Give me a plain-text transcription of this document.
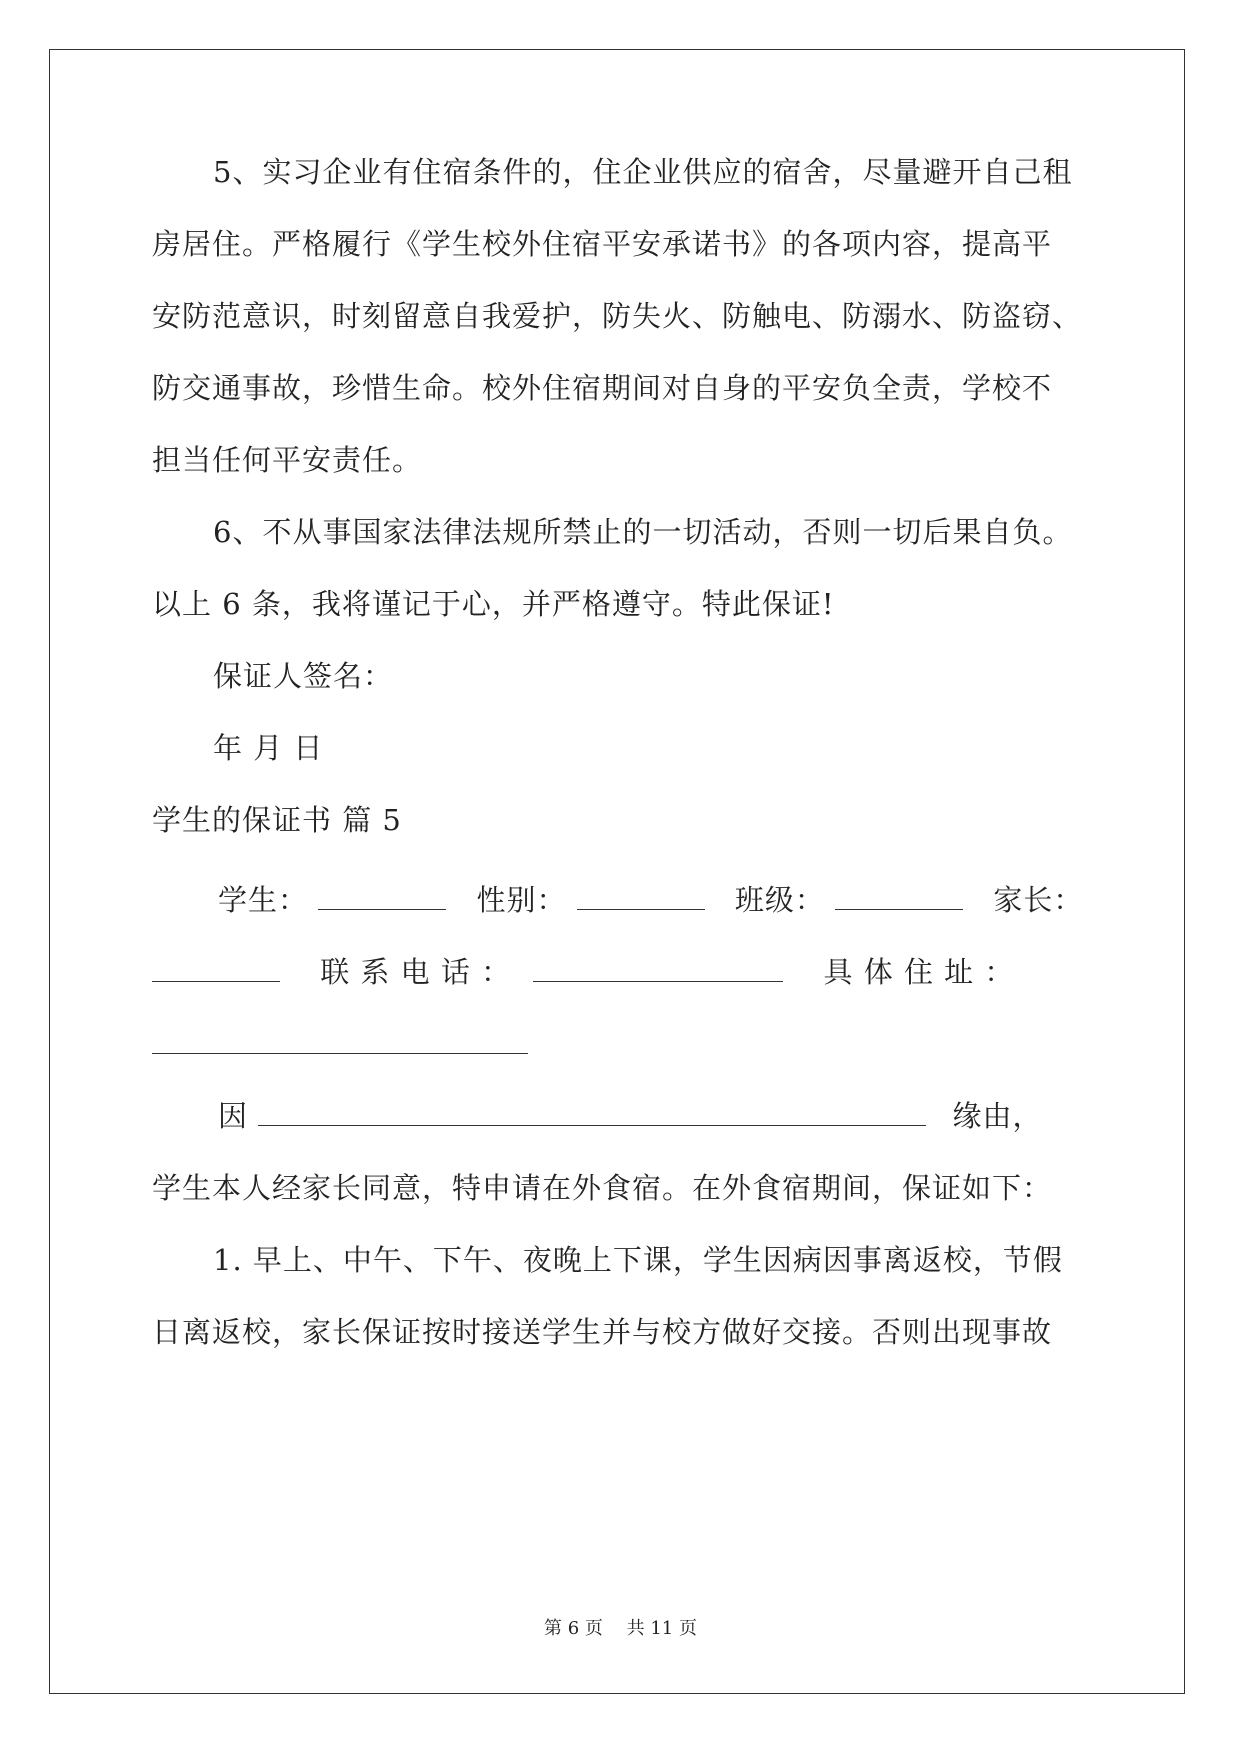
5、实习企业有住宿条件的，住企业供应的宿舍，尽量避开自己租
房居住。严格履行《学生校外住宿平安承诺书》的各项内容，提高平
安防范意识，时刻留意自我爱护，防失火、防触电、防溺水、防盗窃、
防交通事故，珍惜生命。校外住宿期间对自身的平安负全责，学校不
担当任何平安责任。
6、不从事国家法律法规所禁止的一切活动，否则一切后果自负。
以上 6 条，我将谨记于心，并严格遵守。特此保证!
保证人签名：
年 月 日
学生的保证书 篇 5
学生：	性别：	班级：	家长：
联 系 电 话 ：	具 体 住 址 ：
因	缘由，
学生本人经家长同意，特申请在外食宿。在外食宿期间，保证如下：
1. 早上、中午、下午、夜晚上下课，学生因病因事离返校，节假
日离返校，家长保证按时接送学生并与校方做好交接。否则出现事故
第 6 页　 共 11 页
